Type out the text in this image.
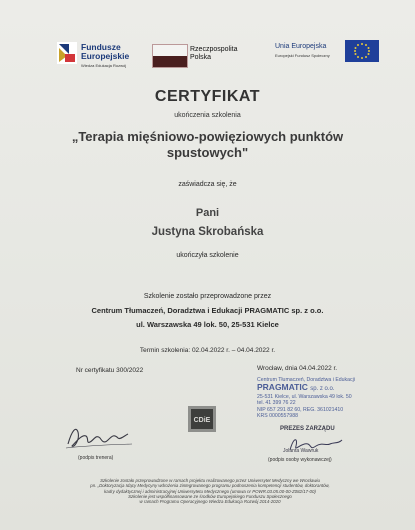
Fundusze
Europejskie
Wiedza Edukacja Rozwój
Rzeczpospolita
Polska
Unia Europejska
Europejski Fundusz Społeczny
CERTYFIKAT
ukończenia szkolenia
„Terapia mięśniowo-powięziowych punktów
spustowych"
zaświadcza się, że
Pani
Justyna Skrobańska
ukończyła szkolenie
Szkolenie zostało przeprowadzone przez
Centrum Tłumaczeń, Doradztwa i Edukacji PRAGMATIC sp. z o.o.
ul. Warszawska 49 lok. 50, 25-531 Kielce
Termin szkolenia: 02.04.2022 r. – 04.04.2022 r.
Nr certyfikatu 300/2022	Wrocław, dnia 04.04.2022 r.
Centrum Tłumaczeń, Doradztwa i Edukacji
PRAGMATIC sp. z o.o.
25-531 Kielce, ul. Warszawska 49 lok. 50
tel. 41 399 76 22
NIP 657 291 82 60, REG. 361021410
KRS 0000557988
CDiE
(podpis trenera)
PREZES ZARZĄDU
Jolanta Wawruk
(podpis osoby wykonawczej)
Szkolenie zostało przeprowadzone w ramach projektu realizowanego przez Uniwersytet Medyczny we Wrocławiu
pn. „Doktoryzacja Idący Medycyny wdrożenia zintegrowanego programu podnoszenia kompetencji studentów, doktorantów,
kadry dydaktycznej i administracyjnej Uniwersytetu Medycznego (umowa nr POWR.03.05.00-00-Z082/17-00)
Szkolenie jest współfinansowane ze środków Europejskiego Funduszu Społecznego
w ramach Programu Operacyjnego Wiedza Edukacja Rozwój 2014-2020
